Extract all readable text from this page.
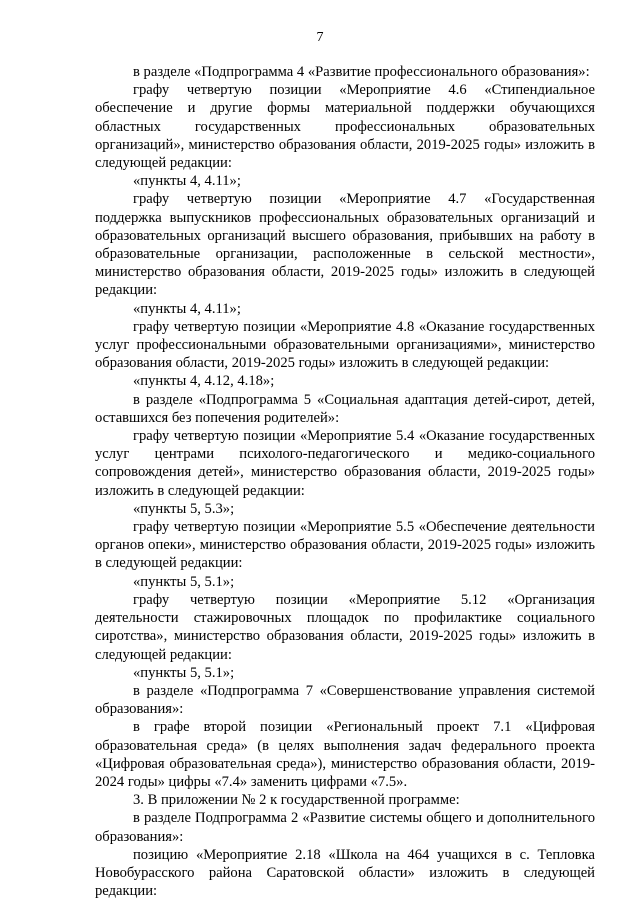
7

в разделе «Подпрограмма 4 «Развитие профессионального образования»:

графу четвертую позиции «Мероприятие 4.6 «Стипендиальное обеспечение и другие формы материальной поддержки обучающихся областных государственных профессиональных образовательных организаций», министерство образования области, 2019-2025 годы» изложить в следующей редакции:

«пункты 4, 4.11»;

графу четвертую позиции «Мероприятие 4.7 «Государственная поддержка выпускников профессиональных образовательных организаций и образовательных организаций высшего образования, прибывших на работу в образовательные организации, расположенные в сельской местности», министерство образования области, 2019-2025 годы» изложить в следующей редакции:

«пункты 4, 4.11»;

графу четвертую позиции «Мероприятие 4.8 «Оказание государственных услуг профессиональными образовательными организациями», министерство образования области, 2019-2025 годы» изложить в следующей редакции:

«пункты 4, 4.12, 4.18»;

в разделе «Подпрограмма 5 «Социальная адаптация детей-сирот, детей, оставшихся без попечения родителей»:

графу четвертую позиции «Мероприятие 5.4 «Оказание государственных услуг центрами психолого-педагогического и медико-социального сопровождения детей», министерство образования области, 2019-2025 годы» изложить в следующей редакции:

«пункты 5, 5.3»;

графу четвертую позиции «Мероприятие 5.5 «Обеспечение деятельности органов опеки», министерство образования области, 2019-2025 годы» изложить в следующей редакции:

«пункты 5, 5.1»;

графу четвертую позиции «Мероприятие 5.12 «Организация деятельности стажировочных площадок по профилактике социального сиротства», министерство образования области, 2019-2025 годы» изложить в следующей редакции:

«пункты 5, 5.1»;

в разделе «Подпрограмма 7 «Совершенствование управления системой образования»:

в графе второй позиции «Региональный проект 7.1 «Цифровая образовательная среда» (в целях выполнения задач федерального проекта «Цифровая образовательная среда»), министерство образования области, 2019-2024 годы» цифры «7.4» заменить цифрами «7.5».

3. В приложении № 2 к государственной программе:

в разделе Подпрограмма 2 «Развитие системы общего и дополнительного образования»:

позицию «Мероприятие 2.18 «Школа на 464 учащихся в с. Тепловка Новобурасского района Саратовской области» изложить в следующей редакции:
